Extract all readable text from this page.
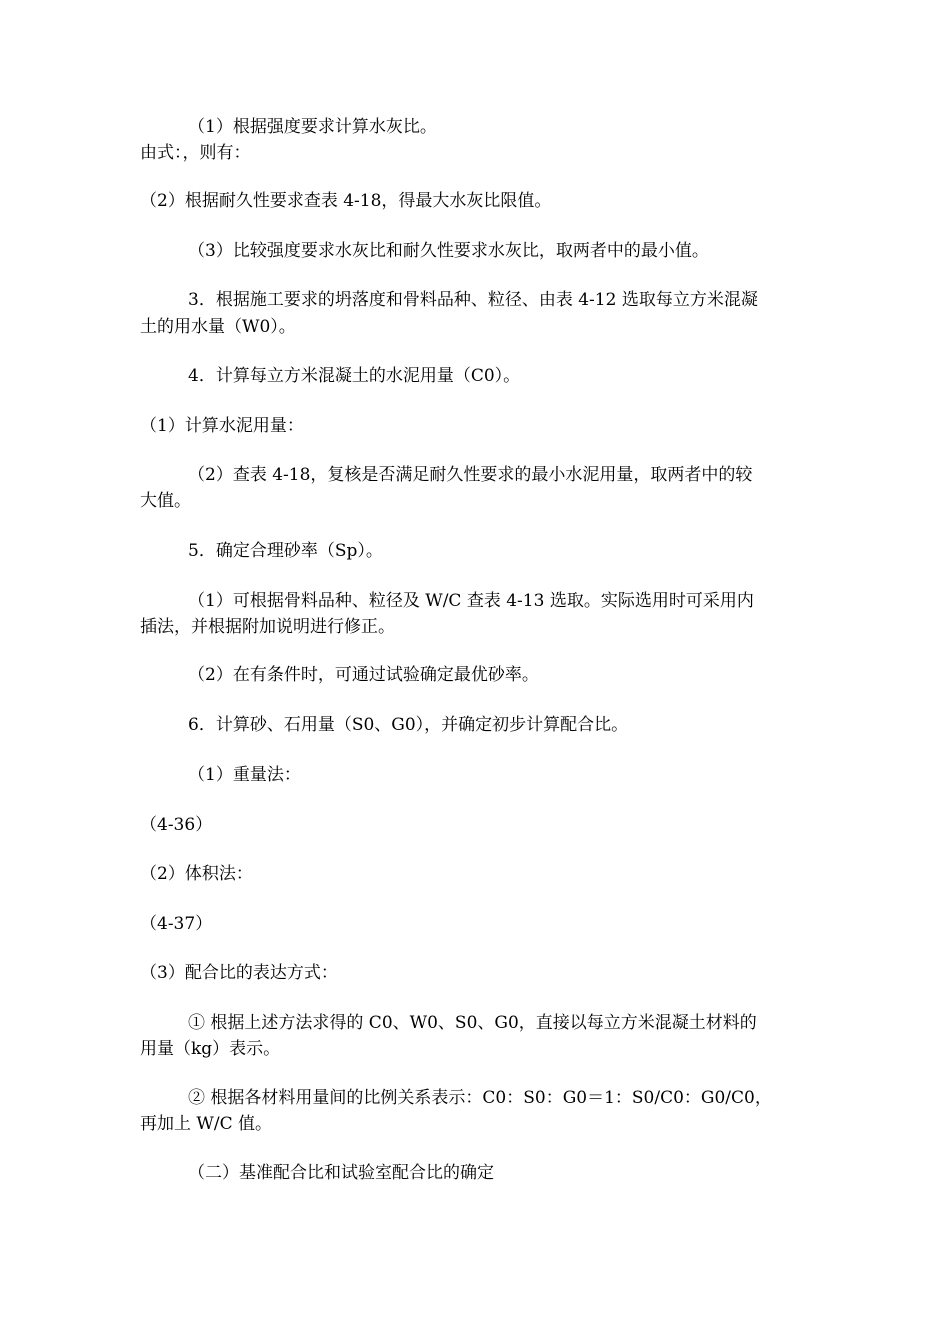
（1）根据强度要求计算水灰比。
由式：，则有：
（2）根据耐久性要求查表 4-18，得最大水灰比限值。
（3）比较强度要求水灰比和耐久性要求水灰比，取两者中的最小值。
3．根据施工要求的坍落度和骨料品种、粒径、由表 4-12 选取每立方米混凝
土的用水量（W0）。
4．计算每立方米混凝土的水泥用量（C0）。
（1）计算水泥用量：
（2）查表 4-18，复核是否满足耐久性要求的最小水泥用量，取两者中的较
大值。
5．确定合理砂率（Sp）。
（1）可根据骨料品种、粒径及 W/C 查表 4-13 选取。实际选用时可采用内
插法，并根据附加说明进行修正。
（2）在有条件时，可通过试验确定最优砂率。
6．计算砂、石用量（S0、G0），并确定初步计算配合比。
（1）重量法：
（4-36）
（2）体积法：
（4-37）
（3）配合比的表达方式：
① 根据上述方法求得的 C0、W0、S0、G0，直接以每立方米混凝土材料的
用量（kg）表示。
② 根据各材料用量间的比例关系表示：C0：S0：G0＝1：S0/C0：G0/C0，
再加上 W/C 值。
（二）基准配合比和试验室配合比的确定
